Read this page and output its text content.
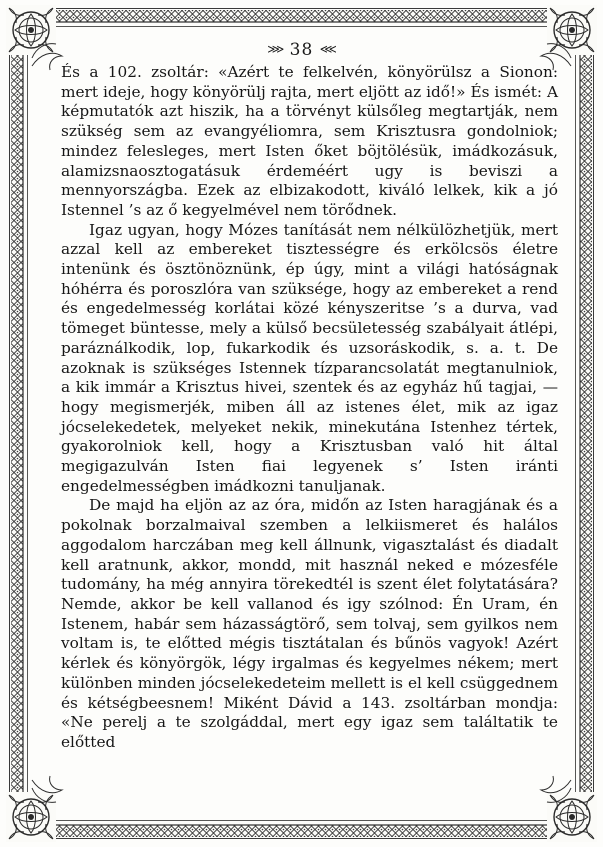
⋙ 38 ⋘

És a 102. zsoltár: «Azért te felkelvén, könyörülsz a Sionon: mert ideje, hogy könyörülj rajta, mert eljött az idő!» És ismét: A képmutatók azt hiszik, ha a törvényt külsőleg megtartják, nem szükség sem az evangyéliomra, sem Krisztusra gondolniok; mindez felesleges, mert Isten őket böjtölésük, imádkozásuk, alamizsnaosztogatásuk érdeméért ugy is beviszi a mennyországba. Ezek az elbizakodott, kiváló lelkek, kik a jó Istennel ’s az ő kegyelmével nem törődnek.

Igaz ugyan, hogy Mózes tanítását nem nélkülözhetjük, mert azzal kell az embereket tisztességre és erkölcsös életre intenünk és ösztönöznünk, ép úgy, mint a világi hatóságnak hóhérra és poroszlóra van szüksége, hogy az embereket a rend és engedelmesség korlátai közé kényszeritse ’s a durva, vad tömeget büntesse, mely a külső becsületesség szabályait átlépi, paráználkodik, lop, fukarkodik és uzsoráskodik, s. a. t. De azoknak is szükséges Istennek tízparancsolatát megtanulniok, a kik immár a Krisztus hivei, szentek és az egyház hű tagjai, — hogy megismerjék, miben áll az istenes élet, mik az igaz jócselekedetek, melyeket nekik, minekutána Istenhez tértek, gyakorolniok kell, hogy a Krisztusban való hit által megigazulván Isten fiai legyenek s’ Isten iránti engedelmességben imádkozni tanuljanak.

De majd ha eljön az az óra, midőn az Isten haragjának és a pokolnak borzalmaival szemben a lelkiismeret és halálos aggodalom harczában meg kell állnunk, vigasztalást és diadalt kell aratnunk, akkor, mondd, mit használ neked e mózesféle tudomány, ha még annyira törekedtél is szent élet folytatására? Nemde, akkor be kell vallanod és igy szólnod: Én Uram, én Istenem, habár sem házasságtörő, sem tolvaj, sem gyilkos nem voltam is, te előtted mégis tisztátalan és bűnös vagyok! Azért kérlek és könyörgök, légy irgalmas és kegyelmes nékem; mert különben minden jócselekedeteim mellett is el kell csüggednem és kétségbeesnem! Miként Dávid a 143. zsoltárban mondja: «Ne perelj a te szolgáddal, mert egy igaz sem találtatik te előtted
